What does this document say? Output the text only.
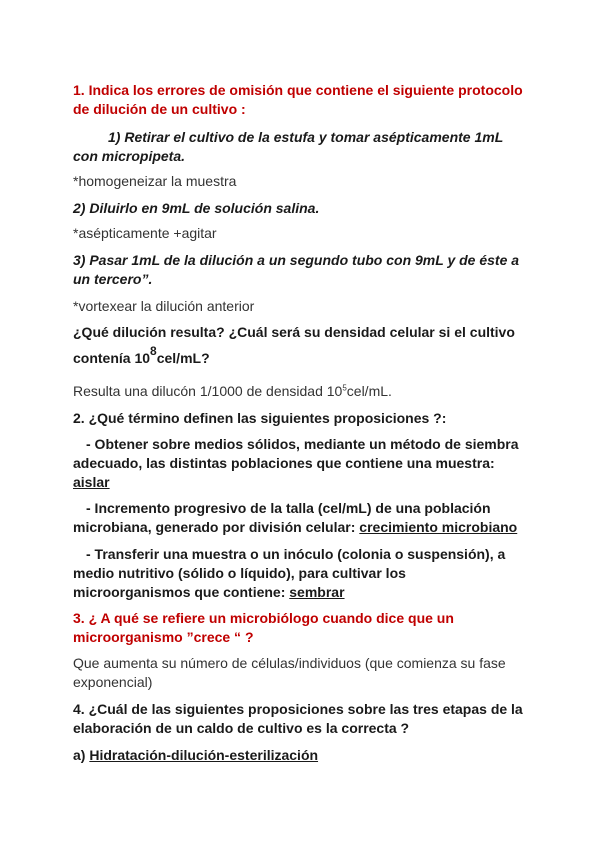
1. Indica los errores de omisión que contiene el siguiente protocolo
de dilución de un cultivo :
1) Retirar el cultivo de la estufa y tomar asépticamente 1mL
con micropipeta.
*homogeneizar la muestra
2) Diluirlo en 9mL de solución salina.
*asépticamente +agitar
3) Pasar 1mL de la dilución a un segundo tubo con 9mL y de éste a
un tercero”.
*vortexear la dilución anterior
¿Qué dilución resulta? ¿Cuál será su densidad celular si el cultivo
contenía $10^8cel/mL$?
Resulta una dilucón 1/1000 de densidad $10^5cel/mL$.
2. ¿Qué término definen las siguientes proposiciones ?:
- Obtener sobre medios sólidos, mediante un método de siembra
adecuado, las distintas poblaciones que contiene una muestra:
aislar
- Incremento progresivo de la talla (cel/mL) de una población
microbiana, generado por división celular: crecimiento microbiano
- Transferir una muestra o un inóculo (colonia o suspensión), a
medio nutritivo (sólido o líquido), para cultivar los
microorganismos que contiene: sembrar
3. ¿ A qué se refiere un microbiólogo cuando dice que un
microorganismo ”crece “ ?
Que aumenta su número de células/individuos (que comienza su fase
exponencial)
4. ¿Cuál de las siguientes proposiciones sobre las tres etapas de la
elaboración de un caldo de cultivo es la correcta ?
a) Hidratación-dilución-esterilización
